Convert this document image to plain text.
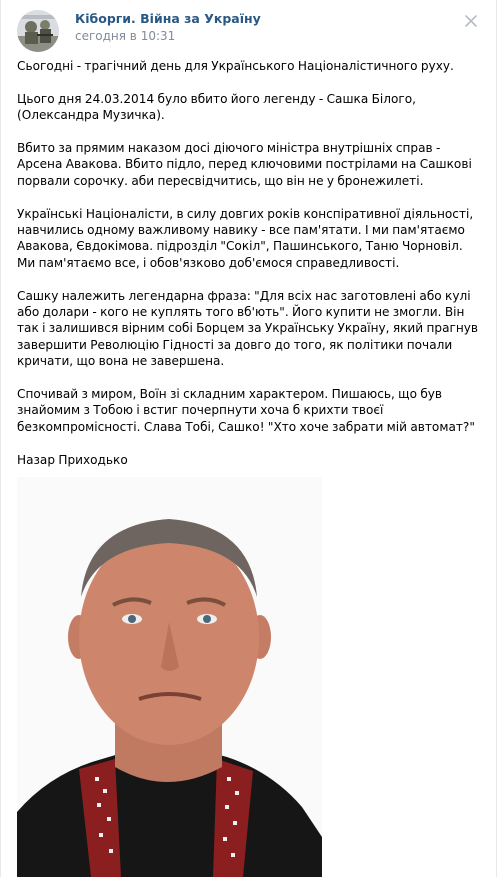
Кіборги. Війна за Україну
сегодня в 10:31

Сьогодні - трагічний день для Українського Націоналістичного руху.

Цього дня 24.03.2014 було вбито його легенду - Сашка Білого, (Олександра Музичка).

Вбито за прямим наказом досі діючого міністра внутрішніх справ - Арсена Авакова. Вбито підло, перед ключовими пострілами на Сашкові порвали сорочку. аби пересвідчитись, що він не у бронежилеті.

Українські Націоналісти, в силу довгих років конспіративної діяльності, навчились одному важливому навику - все пам'ятати. І ми пам'ятаємо Авакова, Євдокімова. підрозділ "Сокіл", Пашинського, Таню Чорновіл. Ми пам'ятаємо все, і обов'язково доб'ємося справедливості.

Сашку належить легендарна фраза: "Для всіх нас заготовлені або кулі або долари - кого не куплять того вб'ють". Його купити не змогли. Він так і залишився вірним собі Борцем за Українську Україну, який прагнув завершити Революцію Гідності за довго до того, як політики почали кричати, що вона не завершена.

Спочивай з миром, Воїн зі складним характером. Пишаюсь, що був знайомим з Тобою і встиг почерпнути хоча б крихти твоєї безкомпромісності. Слава Тобі, Сашко! "Хто хоче забрати мій автомат?"

Назар Приходько
